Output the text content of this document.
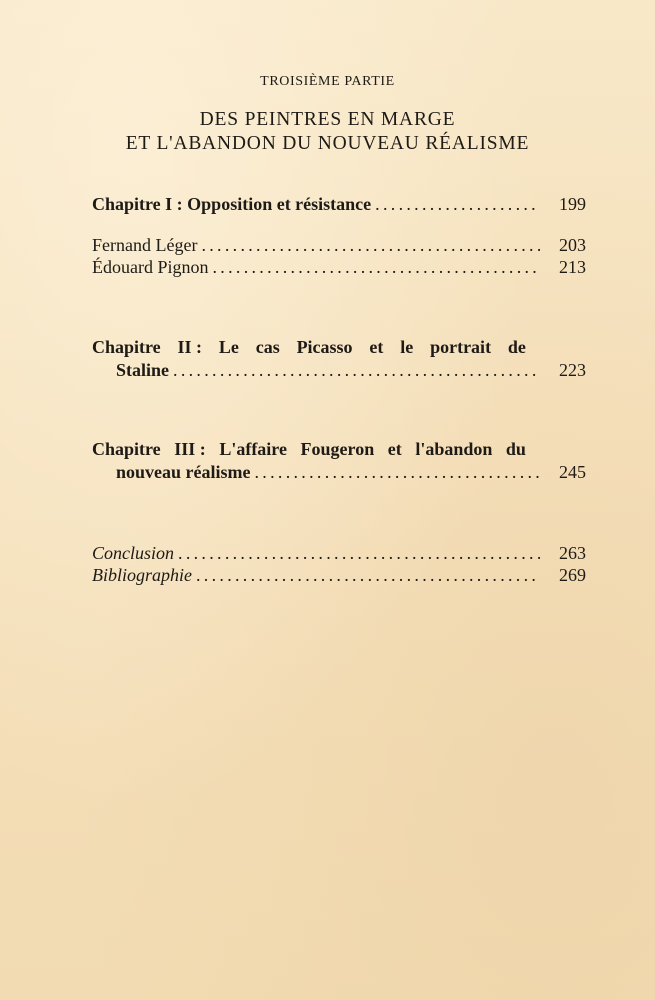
TROISIÈME PARTIE
DES PEINTRES EN MARGE
ET L'ABANDON DU NOUVEAU RÉALISME
Chapitre I : Opposition et résistance . . .	199
Fernand Léger . . .	203
Édouard Pignon . . .	213
Chapitre II : Le cas Picasso et le portrait de
Staline . . .	223
Chapitre III : L'affaire Fougeron et l'abandon du
nouveau réalisme . . .	245
Conclusion . . .	263
Bibliographie . . .	269
